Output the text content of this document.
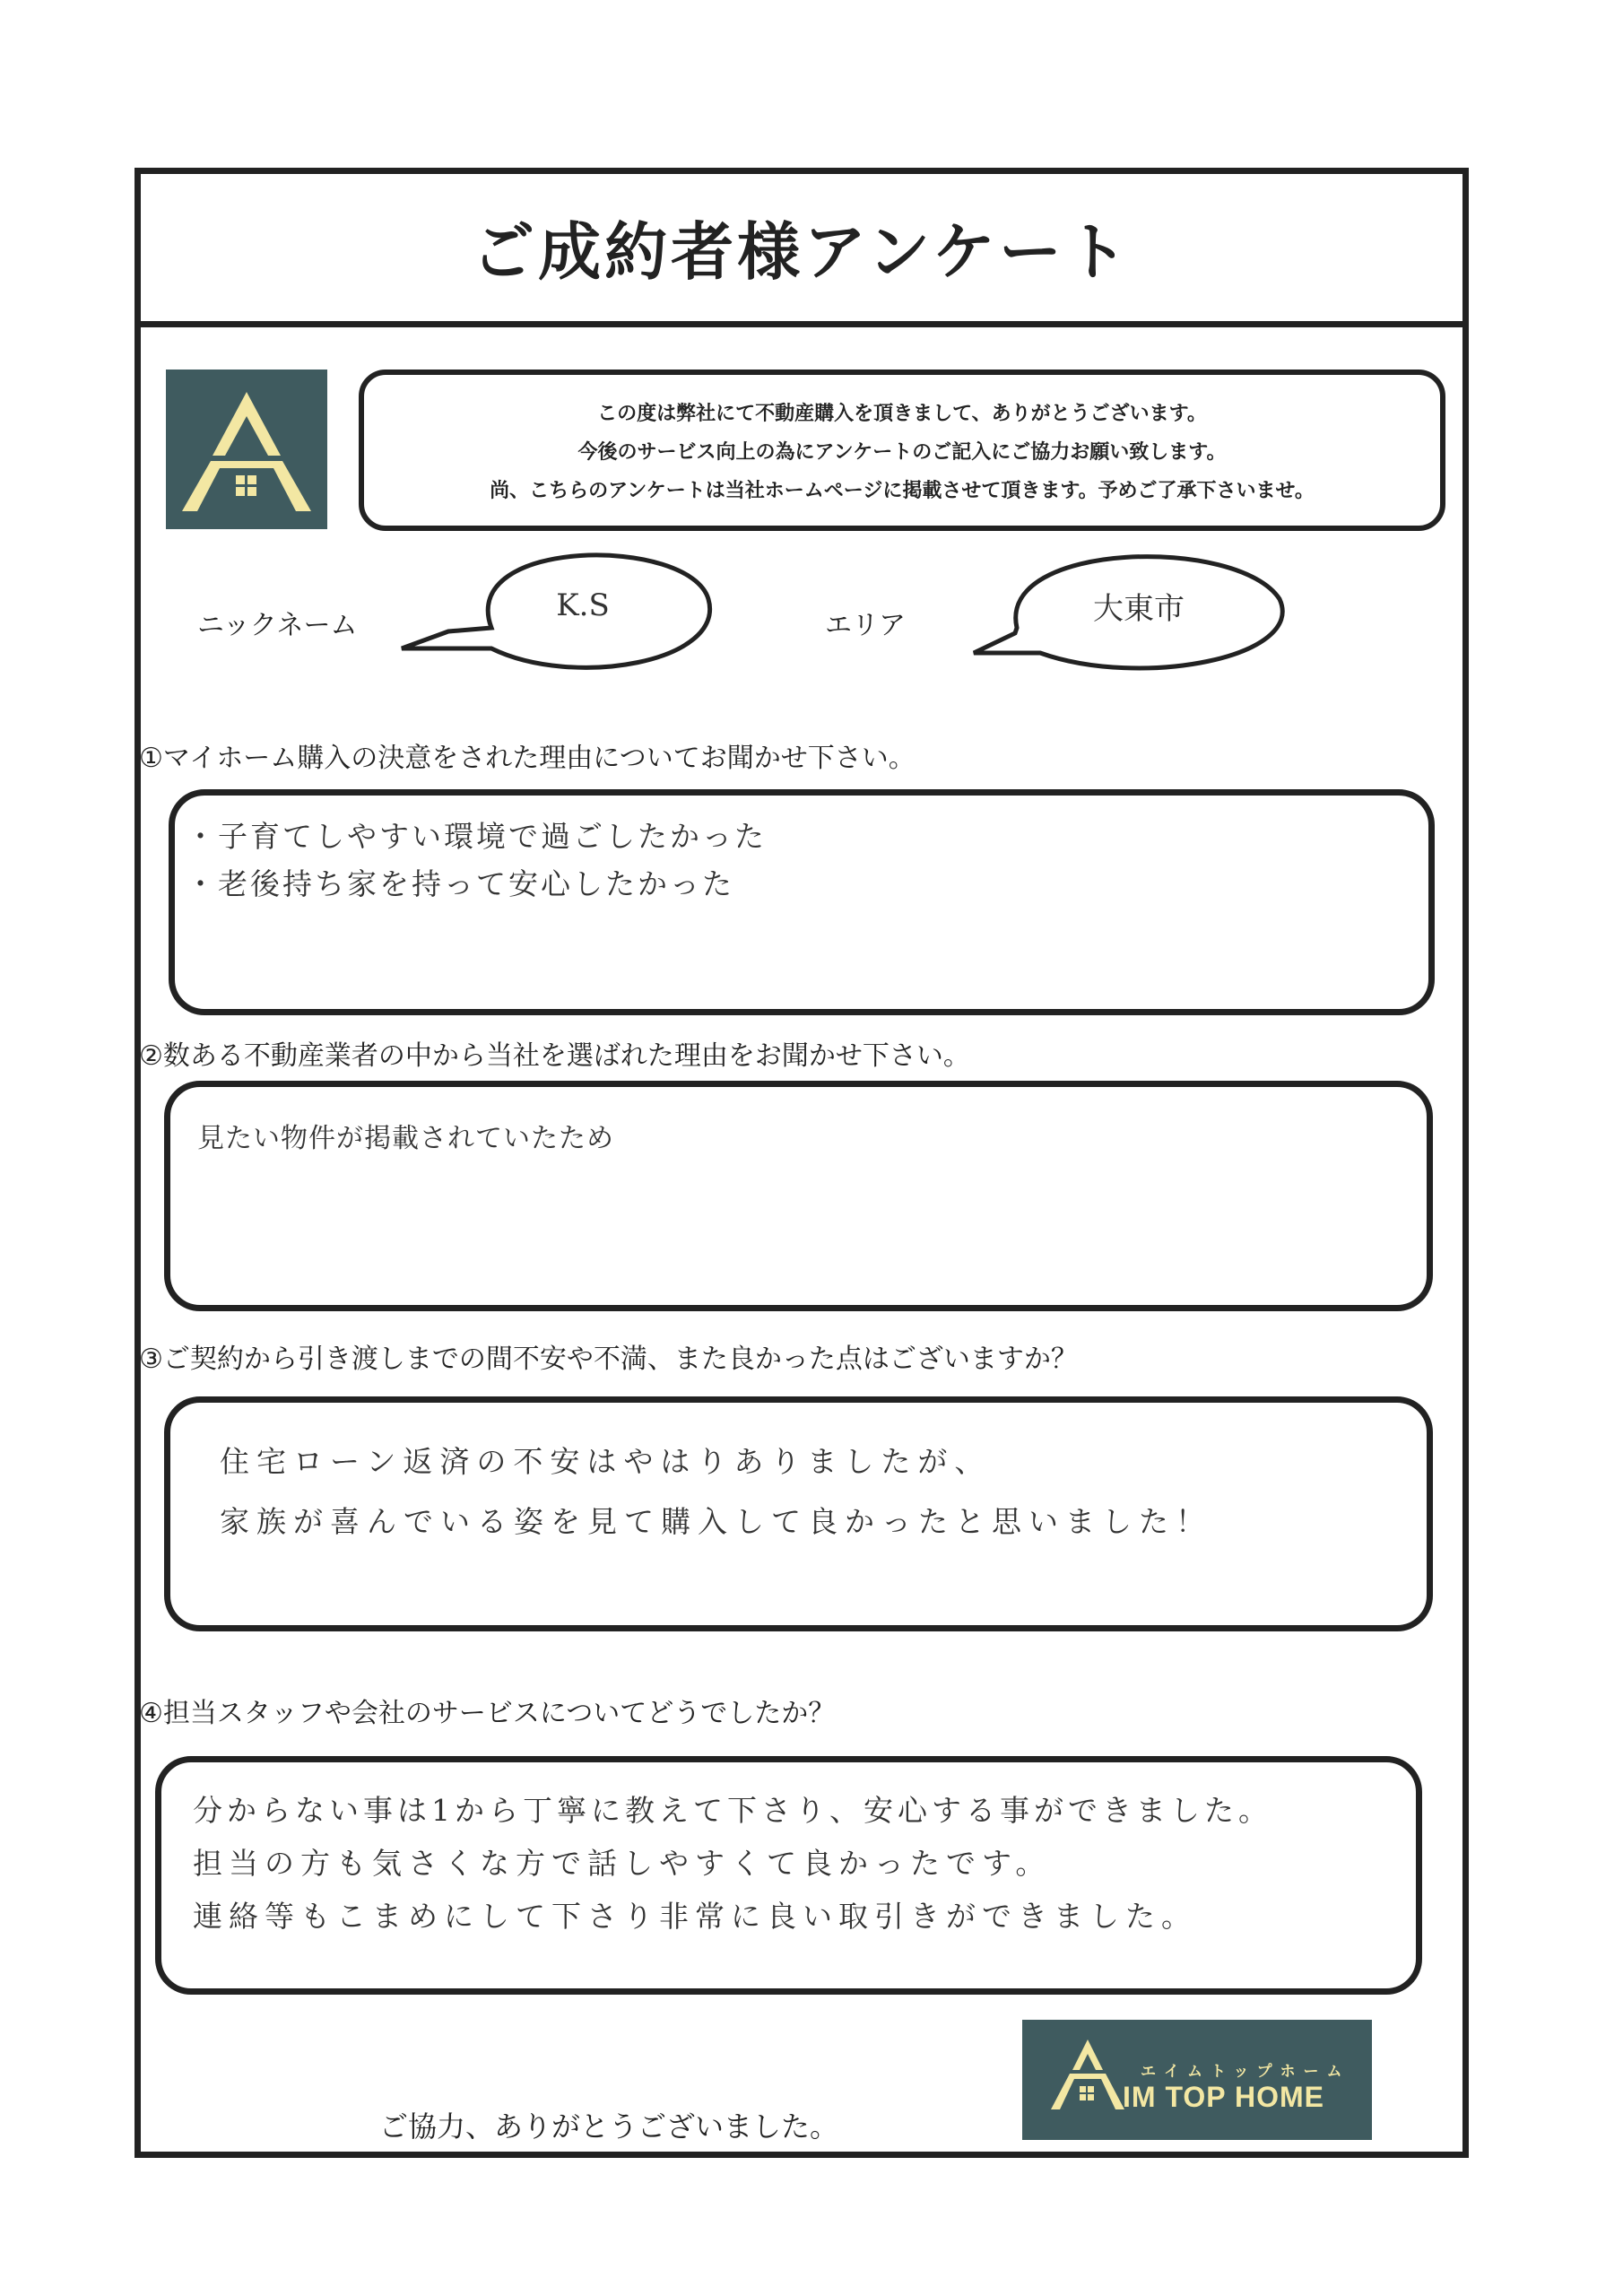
ご成約者様アンケート
この度は弊社にて不動産購入を頂きまして、ありがとうございます。
今後のサービス向上の為にアンケートのご記入にご協力お願い致します。
尚、こちらのアンケートは当社ホームページに掲載させて頂きます。予めご了承下さいませ。
ニックネーム
K.S
エリア	大東市
①マイホーム購入の決意をされた理由についてお聞かせ下さい。
・子育てしやすい環境で過ごしたかった
・老後持ち家を持って安心したかった
②数ある不動産業者の中から当社を選ばれた理由をお聞かせ下さい。
見たい物件が掲載されていたため
③ご契約から引き渡しまでの間不安や不満、また良かった点はございますか？
住宅ローン返済の不安はやはりありましたが、
家族が喜んでいる姿を見て購入して良かったと思いました！
④担当スタッフや会社のサービスについてどうでしたか？
分からない事は1から丁寧に教えて下さり、安心する事ができました。
担当の方も気さくな方で話しやすくて良かったです。
連絡等もこまめにして下さり非常に良い取引きができました。
ご協力、ありがとうございました。
エイムトップホーム
IM TOP HOME
